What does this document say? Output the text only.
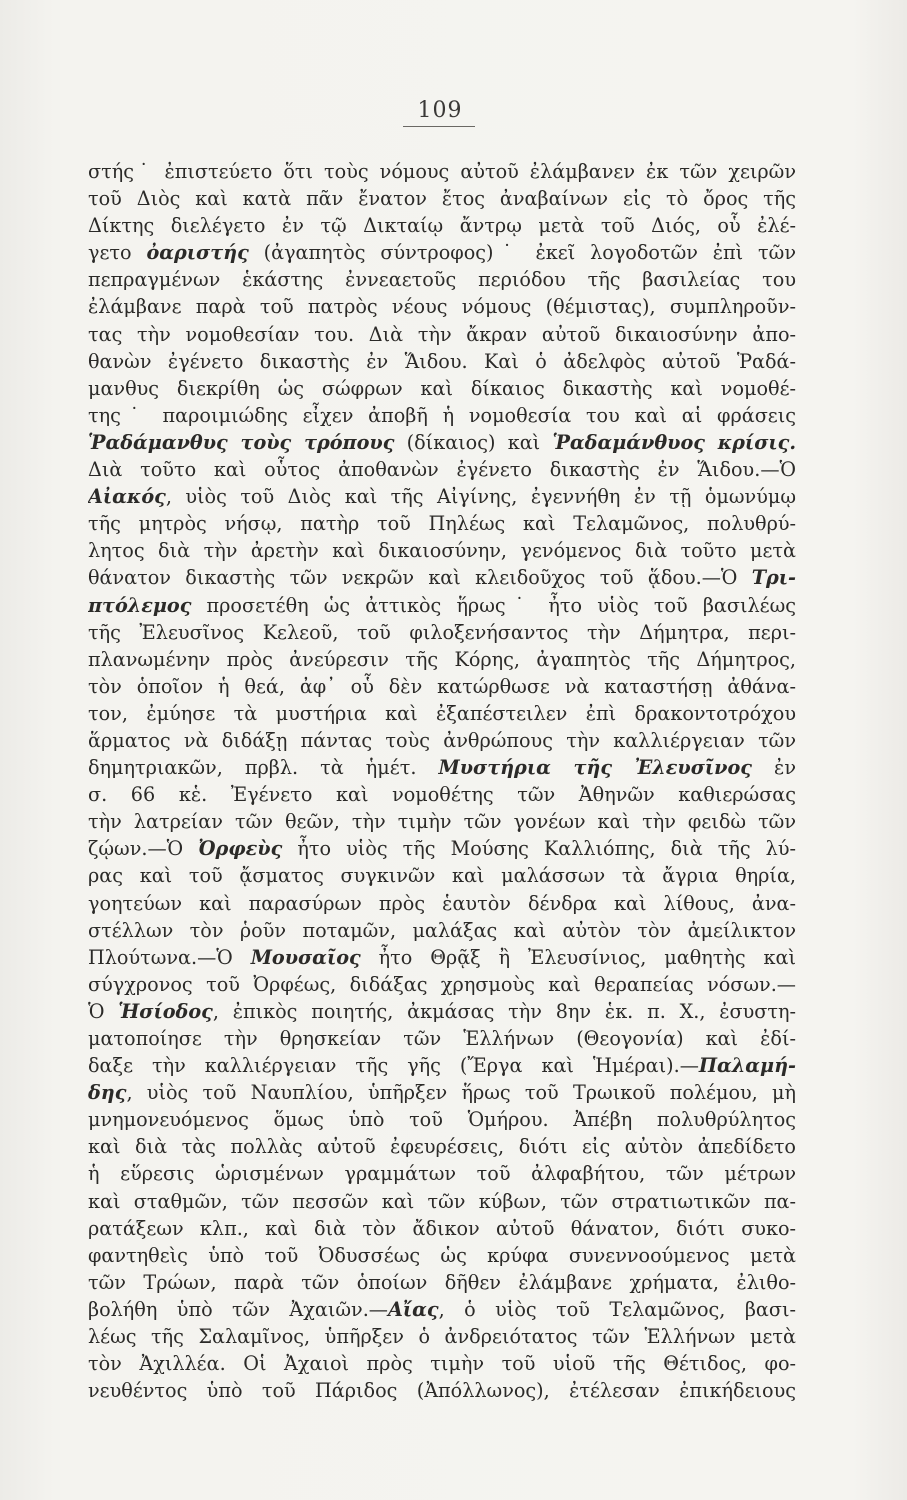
109
στής˙ ἐπιστεύετο ὅτι τοὺς νόμους αὐτοῦ ἐλάμβανεν ἐκ τῶν χειρῶν
τοῦ Διὸς καὶ κατὰ πᾶν ἔνατον ἔτος ἀναβαίνων εἰς τὸ ὄρος τῆς
Δίκτης διελέγετο ἐν τῷ Δικταίῳ ἄντρῳ μετὰ τοῦ Διός, οὗ ἐλέ-
γετο ὀαριστής (ἀγαπητὸς σύντροφος)˙ ἐκεῖ λογοδοτῶν ἐπὶ τῶν
πεπραγμένων ἑκάστης ἐννεαετοῦς περιόδου τῆς βασιλείας του
ἐλάμβανε παρὰ τοῦ πατρὸς νέους νόμους (θέμιστας), συμπληροῦν-
τας τὴν νομοθεσίαν του. Διὰ τὴν ἄκραν αὐτοῦ δικαιοσύνην ἀπο-
θανὼν ἐγένετο δικαστὴς ἐν Ἅιδου. Καὶ ὁ ἀδελφὸς αὐτοῦ Ῥαδά-
μανθυς διεκρίθη ὡς σώφρων καὶ δίκαιος δικαστὴς καὶ νομοθέ-
της˙ παροιμιώδης εἶχεν ἀποβῆ ἡ νομοθεσία του καὶ αἱ φράσεις
Ῥαδάμανθυς τοὺς τρόπους (δίκαιος) καὶ Ῥαδαμάνθυος κρίσις.
Διὰ τοῦτο καὶ οὗτος ἀποθανὼν ἐγένετο δικαστὴς ἐν Ἅιδου.—Ὁ
Αἰακός, υἱὸς τοῦ Διὸς καὶ τῆς Αἰγίνης, ἐγεννήθη ἐν τῇ ὁμωνύμῳ
τῆς μητρὸς νήσῳ, πατὴρ τοῦ Πηλέως καὶ Τελαμῶνος, πολυθρύ-
λητος διὰ τὴν ἀρετὴν καὶ δικαιοσύνην, γενόμενος διὰ τοῦτο μετὰ
θάνατον δικαστὴς τῶν νεκρῶν καὶ κλειδοῦχος τοῦ ᾅδου.—Ὁ Τρι-
πτόλεμος προσετέθη ὡς ἀττικὸς ἥρως˙ ἦτο υἱὸς τοῦ βασιλέως
τῆς Ἐλευσῖνος Κελεοῦ, τοῦ φιλοξενήσαντος τὴν Δήμητρα, περι-
πλανωμένην πρὸς ἀνεύρεσιν τῆς Κόρης, ἀγαπητὸς τῆς Δήμητρος,
τὸν ὁποῖον ἡ θεά, ἀφ᾽ οὗ δὲν κατώρθωσε νὰ καταστήσῃ ἀθάνα-
τον, ἐμύησε τὰ μυστήρια καὶ ἐξαπέστειλεν ἐπὶ δρακοντοτρόχου
ἅρματος νὰ διδάξῃ πάντας τοὺς ἀνθρώπους τὴν καλλιέργειαν τῶν
δημητριακῶν, πρβλ. τὰ ἡμέτ. Μυστήρια τῆς Ἐλευσῖνος ἐν
σ. 66 κἑ. Ἐγένετο καὶ νομοθέτης τῶν Ἀθηνῶν καθιερώσας
τὴν λατρείαν τῶν θεῶν, τὴν τιμὴν τῶν γονέων καὶ τὴν φειδὼ τῶν
ζῴων.—Ὁ Ὀρφεὺς ἦτο υἱὸς τῆς Μούσης Καλλιόπης, διὰ τῆς λύ-
ρας καὶ τοῦ ᾄσματος συγκινῶν καὶ μαλάσσων τὰ ἄγρια θηρία,
γοητεύων καὶ παρασύρων πρὸς ἑαυτὸν δένδρα καὶ λίθους, ἀνα-
στέλλων τὸν ῥοῦν ποταμῶν, μαλάξας καὶ αὐτὸν τὸν ἀμείλικτον
Πλούτωνα.—Ὁ Μουσαῖος ἦτο Θρᾷξ ἢ Ἐλευσίνιος, μαθητὴς καὶ
σύγχρονος τοῦ Ὀρφέως, διδάξας χρησμοὺς καὶ θεραπείας νόσων.—
Ὁ Ἡσίοδος, ἐπικὸς ποιητής, ἀκμάσας τὴν 8ην ἑκ. π. Χ., ἐσυστη-
ματοποίησε τὴν θρησκείαν τῶν Ἑλλήνων (Θεογονία) καὶ ἐδί-
δαξε τὴν καλλιέργειαν τῆς γῆς (Ἔργα καὶ Ἡμέραι).—Παλαμή-
δης, υἱὸς τοῦ Ναυπλίου, ὑπῆρξεν ἥρως τοῦ Τρωικοῦ πολέμου, μὴ
μνημονευόμενος ὅμως ὑπὸ τοῦ Ὁμήρου. Ἀπέβη πολυθρύλητος
καὶ διὰ τὰς πολλὰς αὐτοῦ ἐφευρέσεις, διότι εἰς αὐτὸν ἀπεδίδετο
ἡ εὕρεσις ὡρισμένων γραμμάτων τοῦ ἀλφαβήτου, τῶν μέτρων
καὶ σταθμῶν, τῶν πεσσῶν καὶ τῶν κύβων, τῶν στρατιωτικῶν πα-
ρατάξεων κλπ., καὶ διὰ τὸν ἄδικον αὐτοῦ θάνατον, διότι συκο-
φαντηθεὶς ὑπὸ τοῦ Ὀδυσσέως ὡς κρύφα συνεννοούμενος μετὰ
τῶν Τρώων, παρὰ τῶν ὁποίων δῆθεν ἐλάμβανε χρήματα, ἐλιθο-
βολήθη ὑπὸ τῶν Ἀχαιῶν.—Αἴας, ὁ υἱὸς τοῦ Τελαμῶνος, βασι-
λέως τῆς Σαλαμῖνος, ὑπῆρξεν ὁ ἀνδρειότατος τῶν Ἑλλήνων μετὰ
τὸν Ἀχιλλέα. Οἱ Ἀχαιοὶ πρὸς τιμὴν τοῦ υἱοῦ τῆς Θέτιδος, φο-
νευθέντος ὑπὸ τοῦ Πάριδος (Ἀπόλλωνος), ἐτέλεσαν ἐπικήδειους
